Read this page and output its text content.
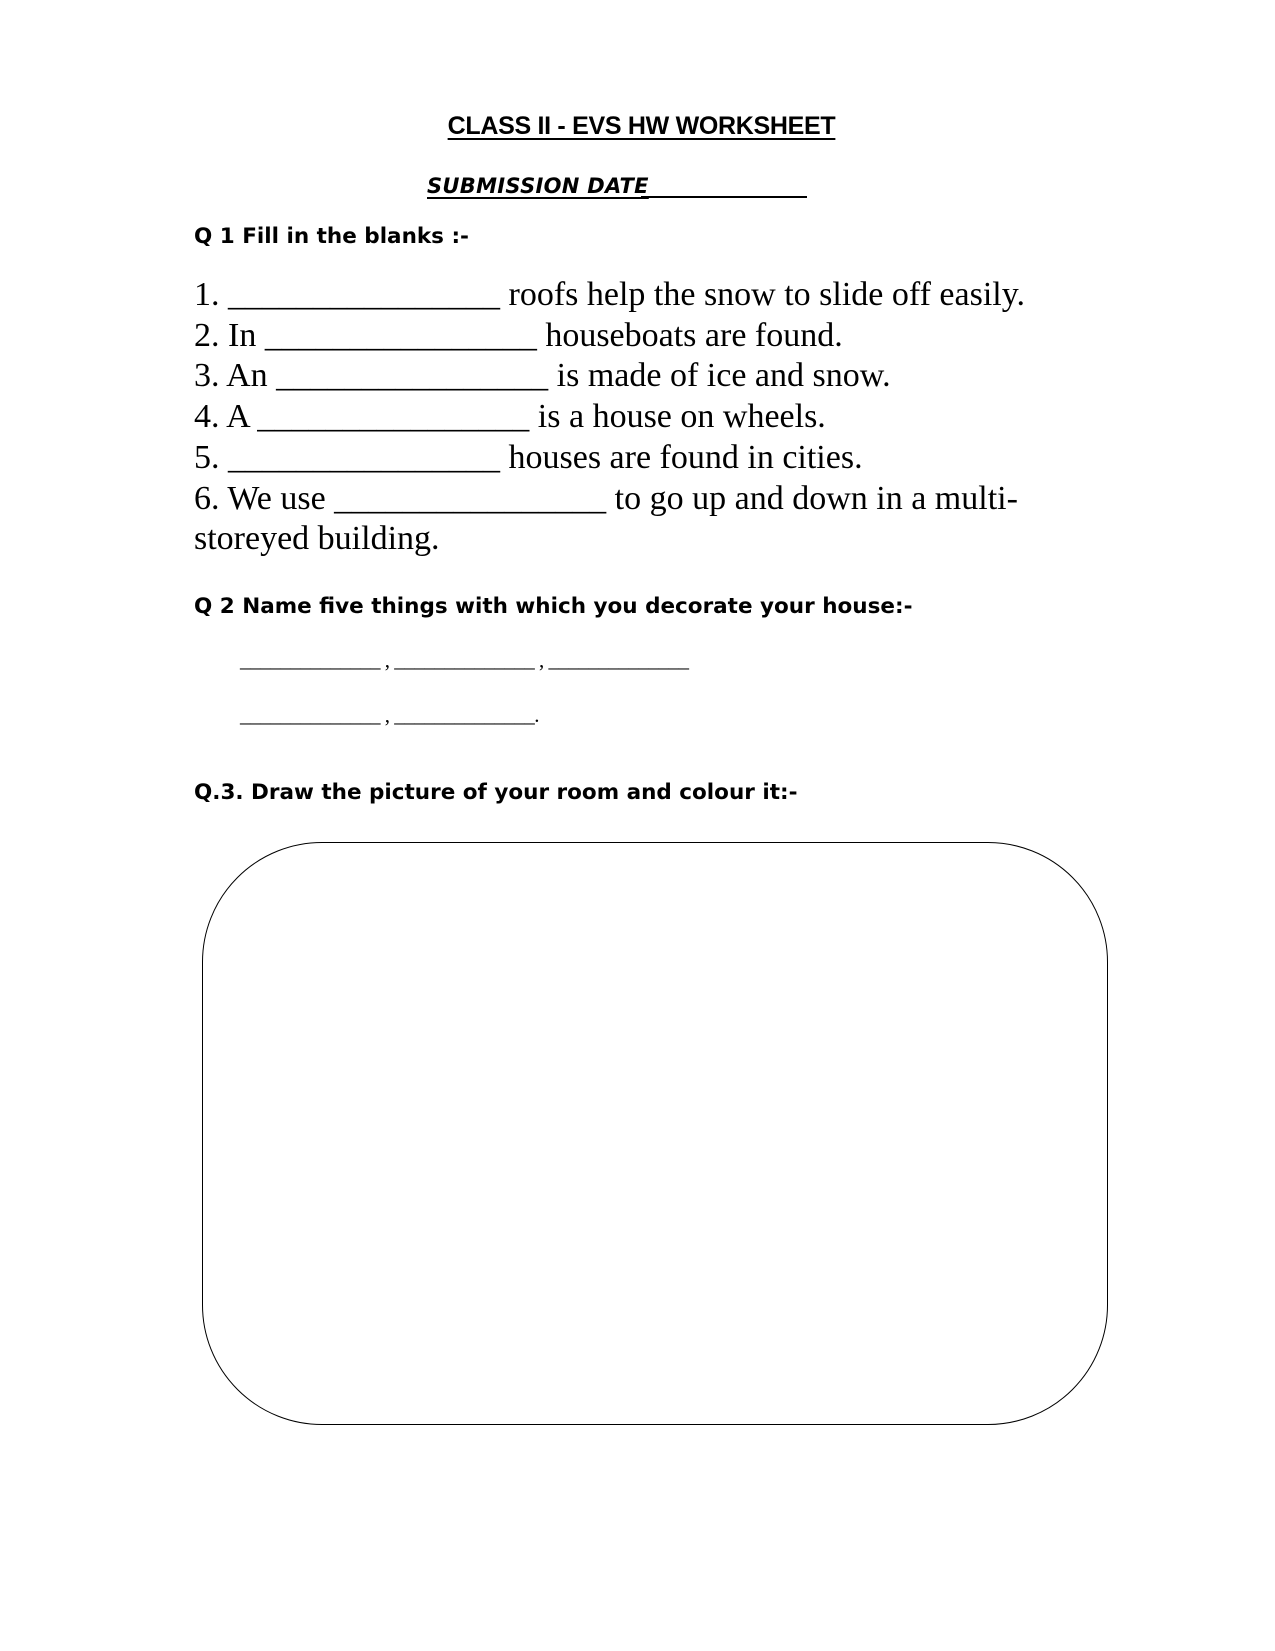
CLASS II - EVS HW WORKSHEET
SUBMISSION DATE
Q 1 Fill in the blanks :-
1. ________________ roofs help the snow to slide off easily.
2. In ________________ houseboats are found.
3. An ________________ is made of ice and snow.
4. A ________________ is a house on wheels.
5. ________________ houses are found in cities.
6. We use ________________ to go up and down in a multi-storeyed building.
Q 2 Name five things with which you decorate your house:-
______________ , ______________ , ______________
______________ , ______________.
Q.3. Draw the picture of your room and colour it:-
